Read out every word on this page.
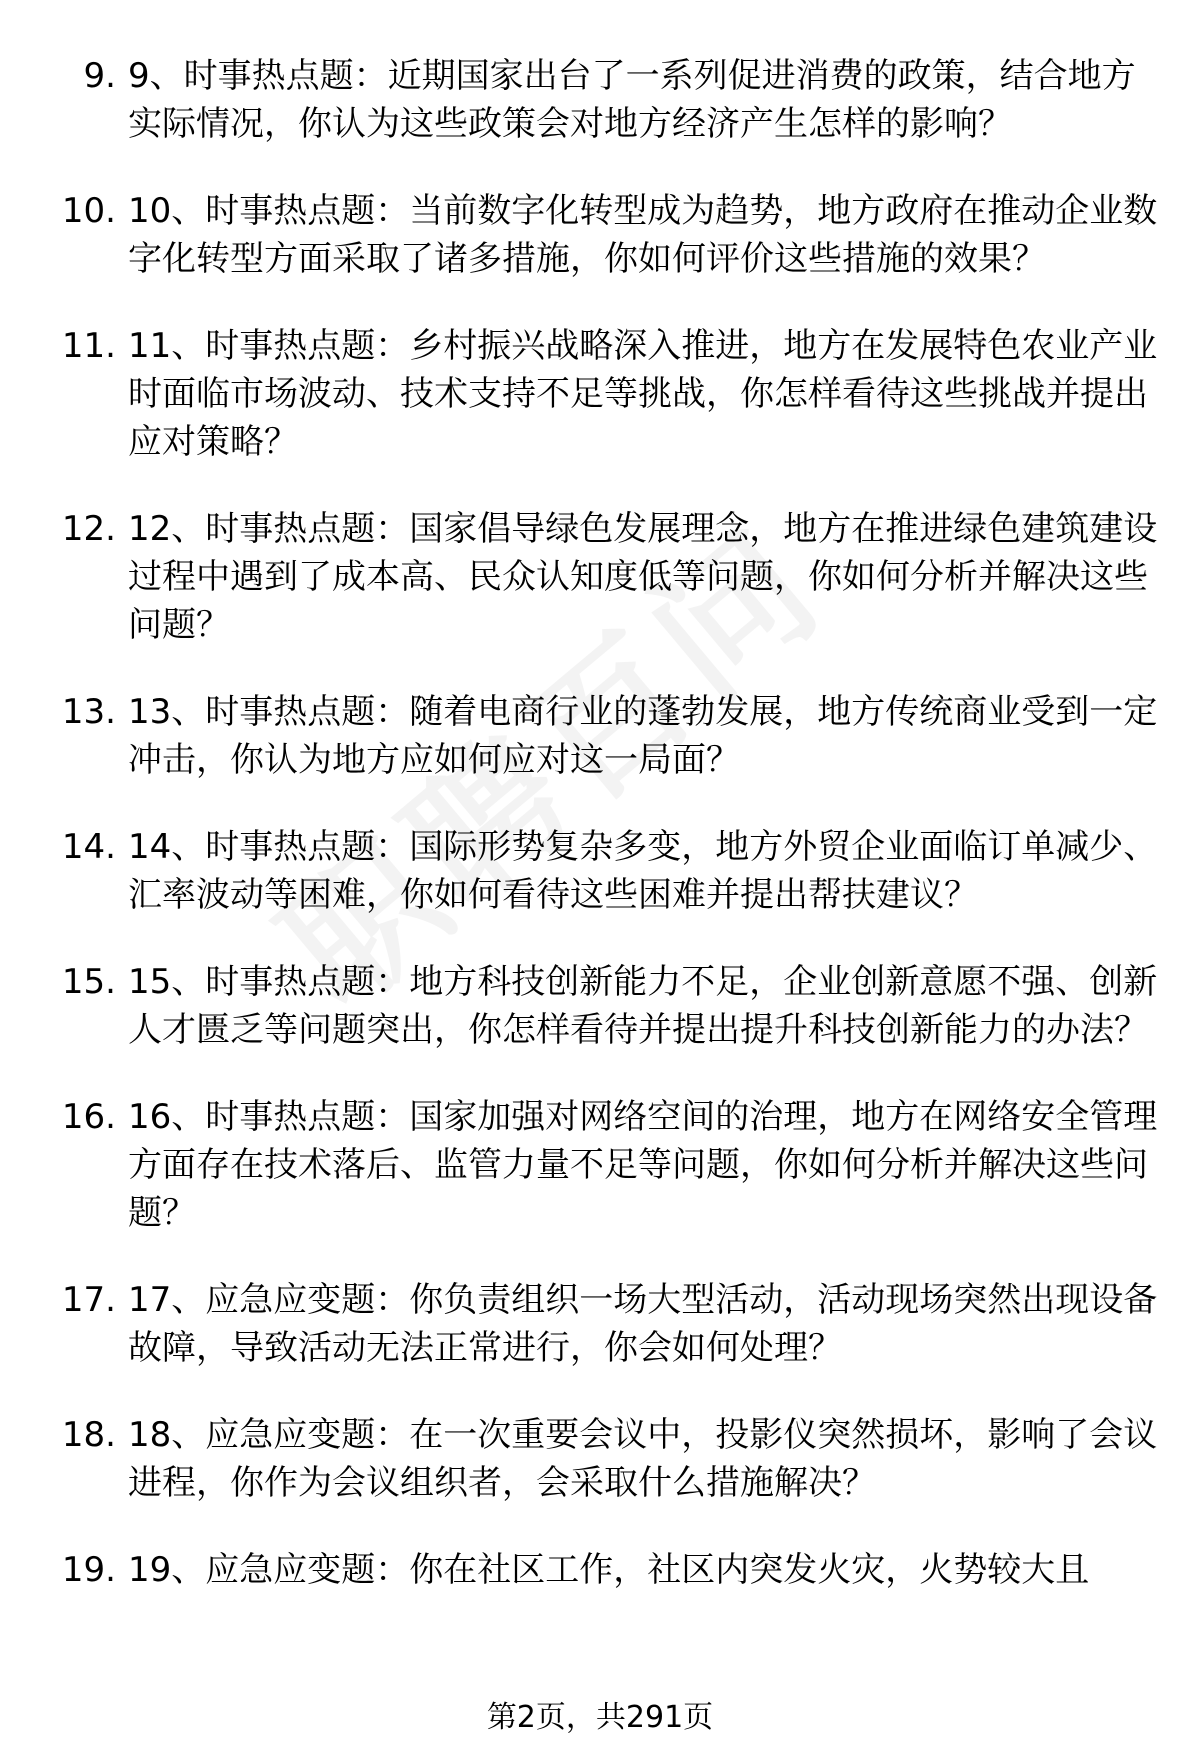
9. 9、时事热点题：近期国家出台了一系列促进消费的政策，结合地方实际情况，你认为这些政策会对地方经济产生怎样的影响？
10. 10、时事热点题：当前数字化转型成为趋势，地方政府在推动企业数字化转型方面采取了诸多措施，你如何评价这些措施的效果？
11. 11、时事热点题：乡村振兴战略深入推进，地方在发展特色农业产业时面临市场波动、技术支持不足等挑战，你怎样看待这些挑战并提出应对策略？
12. 12、时事热点题：国家倡导绿色发展理念，地方在推进绿色建筑建设过程中遇到了成本高、民众认知度低等问题，你如何分析并解决这些问题？
13. 13、时事热点题：随着电商行业的蓬勃发展，地方传统商业受到一定冲击，你认为地方应如何应对这一局面？
14. 14、时事热点题：国际形势复杂多变，地方外贸企业面临订单减少、汇率波动等困难，你如何看待这些困难并提出帮扶建议？
15. 15、时事热点题：地方科技创新能力不足，企业创新意愿不强、创新人才匮乏等问题突出，你怎样看待并提出提升科技创新能力的办法？
16. 16、时事热点题：国家加强对网络空间的治理，地方在网络安全管理方面存在技术落后、监管力量不足等问题，你如何分析并解决这些问题？
17. 17、应急应变题：你负责组织一场大型活动，活动现场突然出现设备故障，导致活动无法正常进行，你会如何处理？
18. 18、应急应变题：在一次重要会议中，投影仪突然损坏，影响了会议进程，你作为会议组织者，会采取什么措施解决？
19. 19、应急应变题：你在社区工作，社区内突发火灾，火势较大且
第2页，共291页
